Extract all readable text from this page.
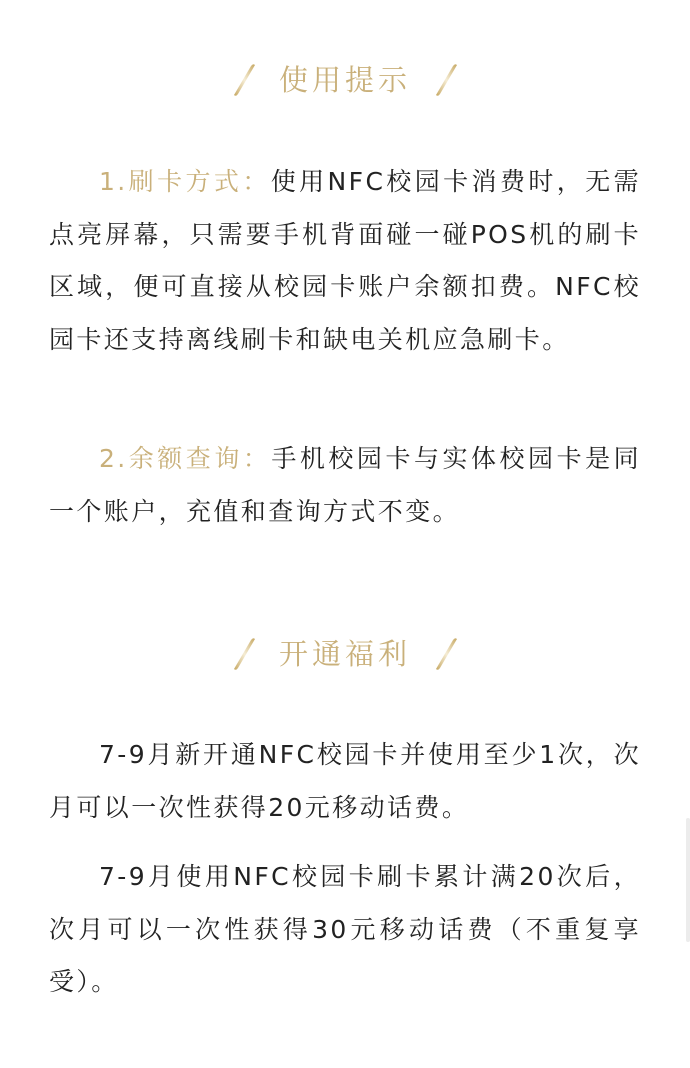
使用提示

1.刷卡方式：使用NFC校园卡消费时，无需点亮屏幕，只需要手机背面碰一碰POS机的刷卡区域，便可直接从校园卡账户余额扣费。NFC校园卡还支持离线刷卡和缺电关机应急刷卡。

2.余额查询：手机校园卡与实体校园卡是同一个账户，充值和查询方式不变。

开通福利

7-9月新开通NFC校园卡并使用至少1次，次月可以一次性获得20元移动话费。

7-9月使用NFC校园卡刷卡累计满20次后，次月可以一次性获得30元移动话费（不重复享受）。
